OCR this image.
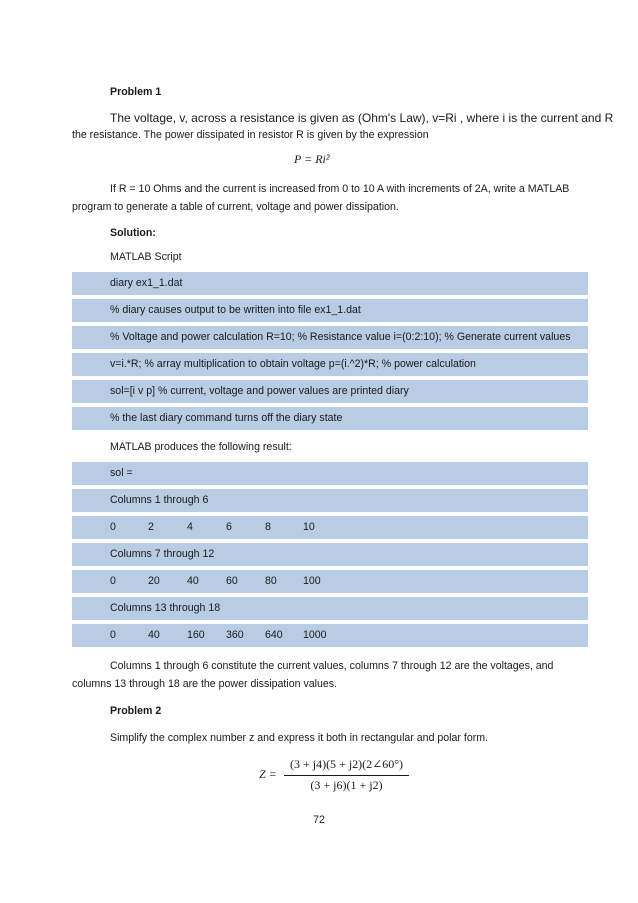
Problem 1
The voltage, v, across a resistance is given as (Ohm's Law), v=Ri , where i is the current and R
the resistance. The power dissipated in resistor R is given by the expression
P = Ri²
If R = 10 Ohms and the current is increased from 0 to 10 A with increments of 2A, write a MATLAB
program to generate a table of current, voltage and power dissipation.
Solution:
MATLAB Script
diary ex1_1.dat
% diary causes output to be written into file ex1_1.dat
% Voltage and power calculation R=10; % Resistance value i=(0:2:10); % Generate current values
v=i.*R; % array multiplication to obtain voltage p=(i.^2)*R; % power calculation
sol=[i v p] % current, voltage and power values are printed diary
% the last diary command turns off the diary state
MATLAB produces the following result:
sol =
Columns 1 through 6
0	2	4	6	8	10
Columns 7 through 12
0	20	40	60	80 100
Columns 13 through 18
0	40	160 360 640 1000
Columns 1 through 6 constitute the current values, columns 7 through 12 are the voltages, and
columns 13 through 18 are the power dissipation values.
Problem 2
Simplify the complex number z and express it both in rectangular and polar form.
Z =
(3 + j4)(5 + j2)(2∠60°)
(3 + j6)(1 + j2)
72
